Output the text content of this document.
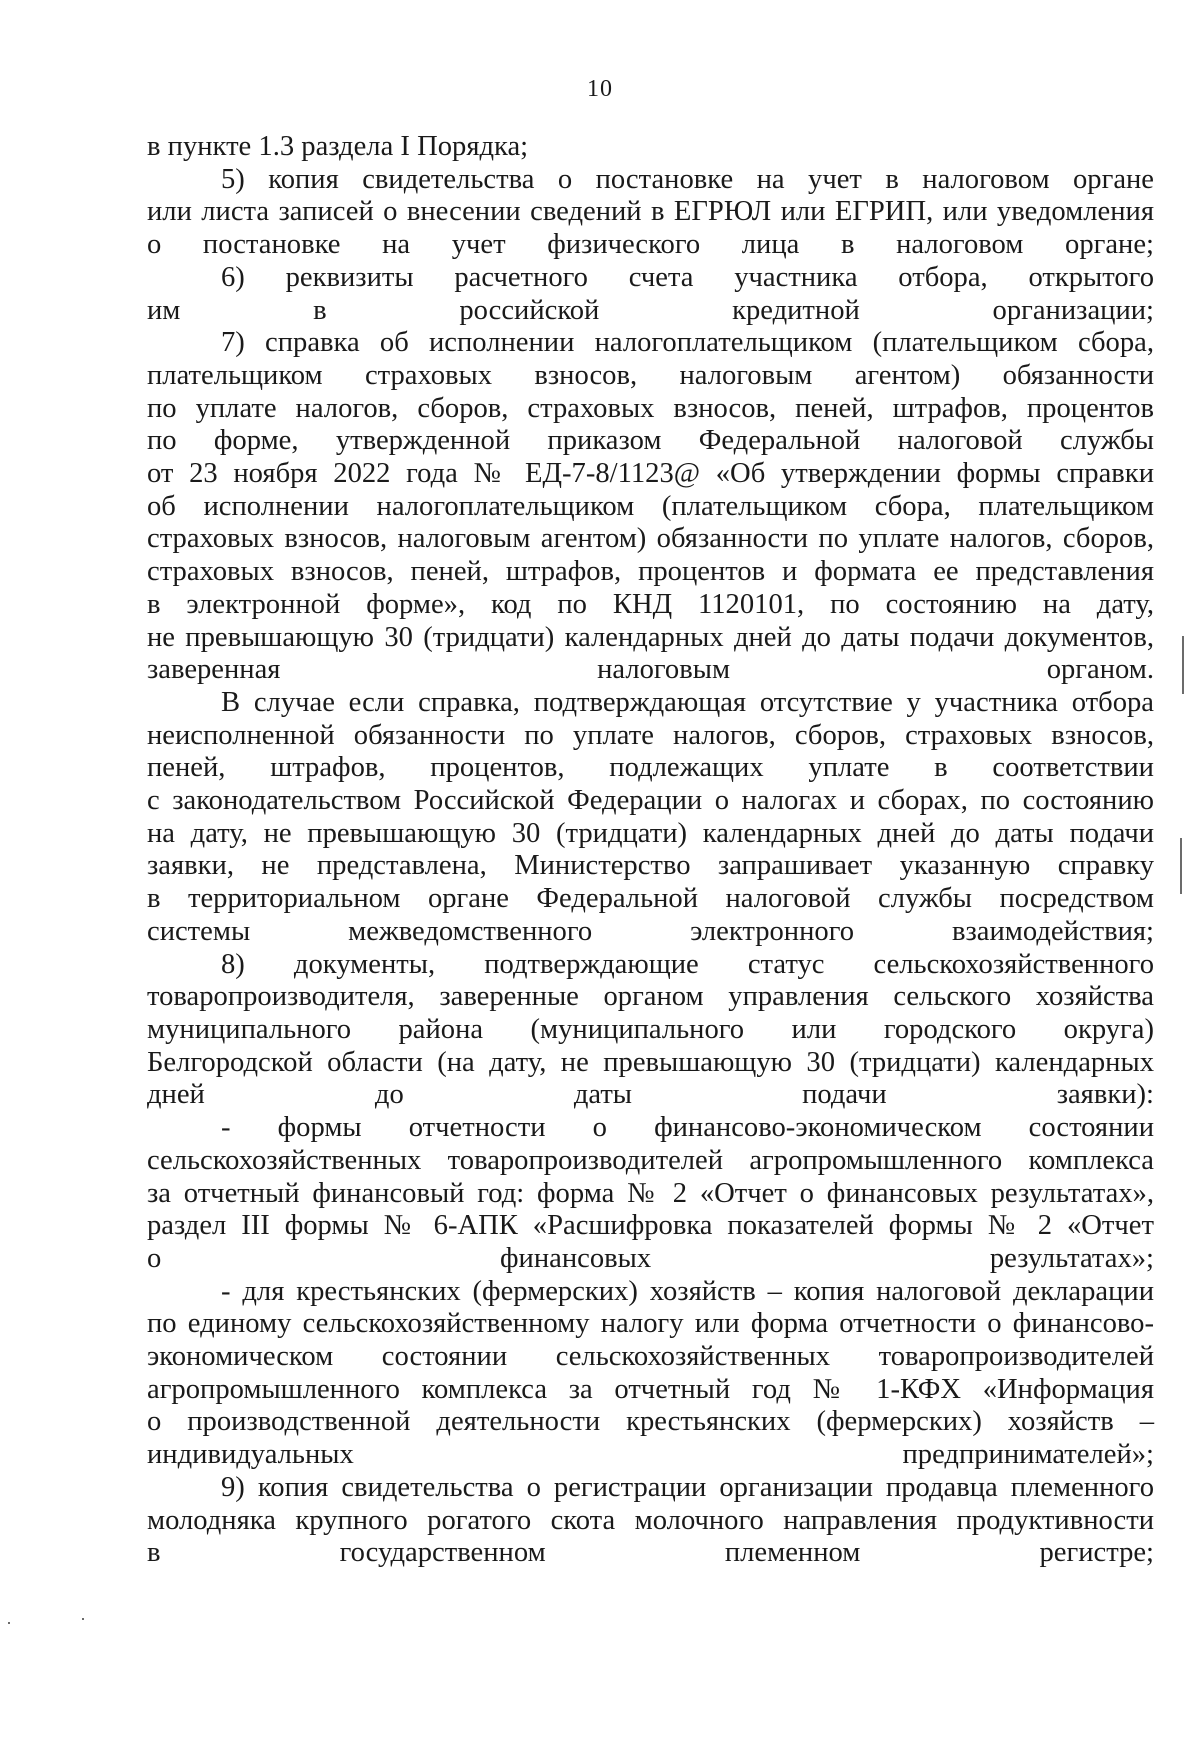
10

в пункте 1.3 раздела I Порядка;

5) копия свидетельства о постановке на учет в налоговом органе
или листа записей о внесении сведений в ЕГРЮЛ или ЕГРИП, или уведомления
о постановке на учет физического лица в налоговом органе;

6) реквизиты расчетного счета участника отбора, открытого
им в российской кредитной организации;

7) справка об исполнении налогоплательщиком (плательщиком сбора,
плательщиком страховых взносов, налоговым агентом) обязанности
по уплате налогов, сборов, страховых взносов, пеней, штрафов, процентов
по форме, утвержденной приказом Федеральной налоговой службы
от 23 ноября 2022 года № ЕД-7-8/1123@ «Об утверждении формы справки
об исполнении налогоплательщиком (плательщиком сбора, плательщиком
страховых взносов, налоговым агентом) обязанности по уплате налогов, сборов,
страховых взносов, пеней, штрафов, процентов и формата ее представления
в электронной форме», код по КНД 1120101, по состоянию на дату,
не превышающую 30 (тридцати) календарных дней до даты подачи документов,
заверенная налоговым органом.

В случае если справка, подтверждающая отсутствие у участника отбора
неисполненной обязанности по уплате налогов, сборов, страховых взносов,
пеней, штрафов, процентов, подлежащих уплате в соответствии
с законодательством Российской Федерации о налогах и сборах, по состоянию
на дату, не превышающую 30 (тридцати) календарных дней до даты подачи
заявки, не представлена, Министерство запрашивает указанную справку
в территориальном органе Федеральной налоговой службы посредством
системы межведомственного электронного взаимодействия;

8) документы, подтверждающие статус сельскохозяйственного
товаропроизводителя, заверенные органом управления сельского хозяйства
муниципального района (муниципального или городского округа)
Белгородской области (на дату, не превышающую 30 (тридцати) календарных
дней до даты подачи заявки):

- формы отчетности о финансово-экономическом состоянии
сельскохозяйственных товаропроизводителей агропромышленного комплекса
за отчетный финансовый год: форма № 2 «Отчет о финансовых результатах»,
раздел III формы № 6-АПК «Расшифровка показателей формы № 2 «Отчет
о финансовых результатах»;

- для крестьянских (фермерских) хозяйств – копия налоговой декларации
по единому сельскохозяйственному налогу или форма отчетности о финансово-
экономическом состоянии сельскохозяйственных товаропроизводителей
агропромышленного комплекса за отчетный год № 1-КФХ «Информация
о производственной деятельности крестьянских (фермерских) хозяйств –
индивидуальных предпринимателей»;

9) копия свидетельства о регистрации организации продавца племенного
молодняка крупного рогатого скота молочного направления продуктивности
в государственном племенном регистре;
